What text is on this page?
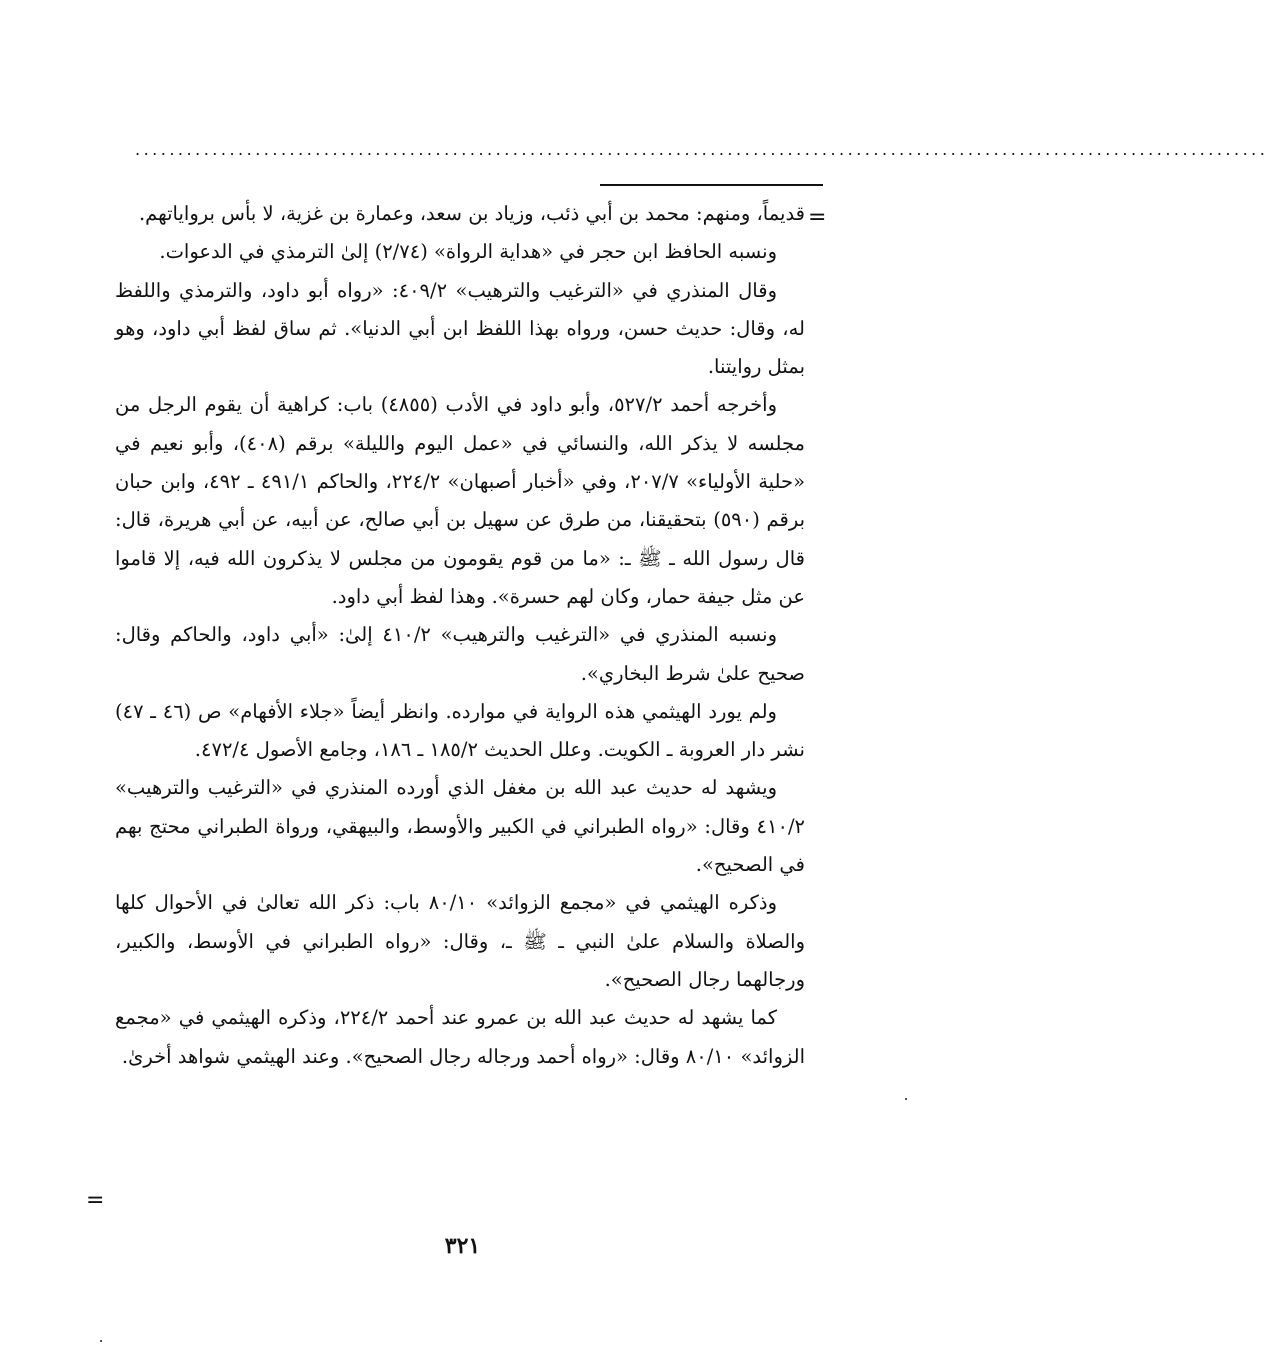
....................................................................................................................................
=

قديماً، ومنهم: محمد بن أبي ذئب، وزياد بن سعد، وعمارة بن غزية، لا بأس برواياتهم.

ونسبه الحافظ ابن حجر في «هداية الرواة» (٢/٧٤) إلىٰ الترمذي في الدعوات.

وقال المنذري في «الترغيب والترهيب» ٤٠٩/٢: «رواه أبو داود، والترمذي واللفظ له، وقال: حديث حسن، ورواه بهذا اللفظ ابن أبي الدنيا». ثم ساق لفظ أبي داود، وهو بمثل روايتنا.

وأخرجه أحمد ٥٢٧/٢، وأبو داود في الأدب (٤٨٥٥) باب: كراهية أن يقوم الرجل من مجلسه لا يذكر الله، والنسائي في «عمل اليوم والليلة» برقم (٤٠٨)، وأبو نعيم في «حلية الأولياء» ٢٠٧/٧، وفي «أخبار أصبهان» ٢٢٤/٢، والحاكم ٤٩١/١ ـ ٤٩٢، وابن حبان برقم (٥٩٠) بتحقيقنا، من طرق عن سهيل بن أبي صالح، عن أبيه، عن أبي هريرة، قال: قال رسول الله ـ ﷺ ـ: «ما من قوم يقومون من مجلس لا يذكرون الله فيه، إلا قاموا عن مثل جيفة حمار، وكان لهم حسرة». وهذا لفظ أبي داود.

ونسبه المنذري في «الترغيب والترهيب» ٤١٠/٢ إلىٰ: «أبي داود، والحاكم وقال: صحيح علىٰ شرط البخاري».

ولم يورد الهيثمي هذه الرواية في موارده. وانظر أيضاً «جلاء الأفهام» ص (٤٦ ـ ٤٧) نشر دار العروبة ـ الكويت. وعلل الحديث ١٨٥/٢ ـ ١٨٦، وجامع الأصول ٤٧٢/٤.

ويشهد له حديث عبد الله بن مغفل الذي أورده المنذري في «الترغيب والترهيب» ٤١٠/٢ وقال: «رواه الطبراني في الكبير والأوسط، والبيهقي، ورواة الطبراني محتج بهم في الصحيح».

وذكره الهيثمي في «مجمع الزوائد» ٨٠/١٠ باب: ذكر الله تعالىٰ في الأحوال كلها والصلاة والسلام علىٰ النبي ـ ﷺ ـ، وقال: «رواه الطبراني في الأوسط، والكبير، ورجالهما رجال الصحيح».

كما يشهد له حديث عبد الله بن عمرو عند أحمد ٢٢٤/٢، وذكره الهيثمي في «مجمع الزوائد» ٨٠/١٠ وقال: «رواه أحمد ورجاله رجال الصحيح». وعند الهيثمي شواهد أخرىٰ.

=
٣٢١
